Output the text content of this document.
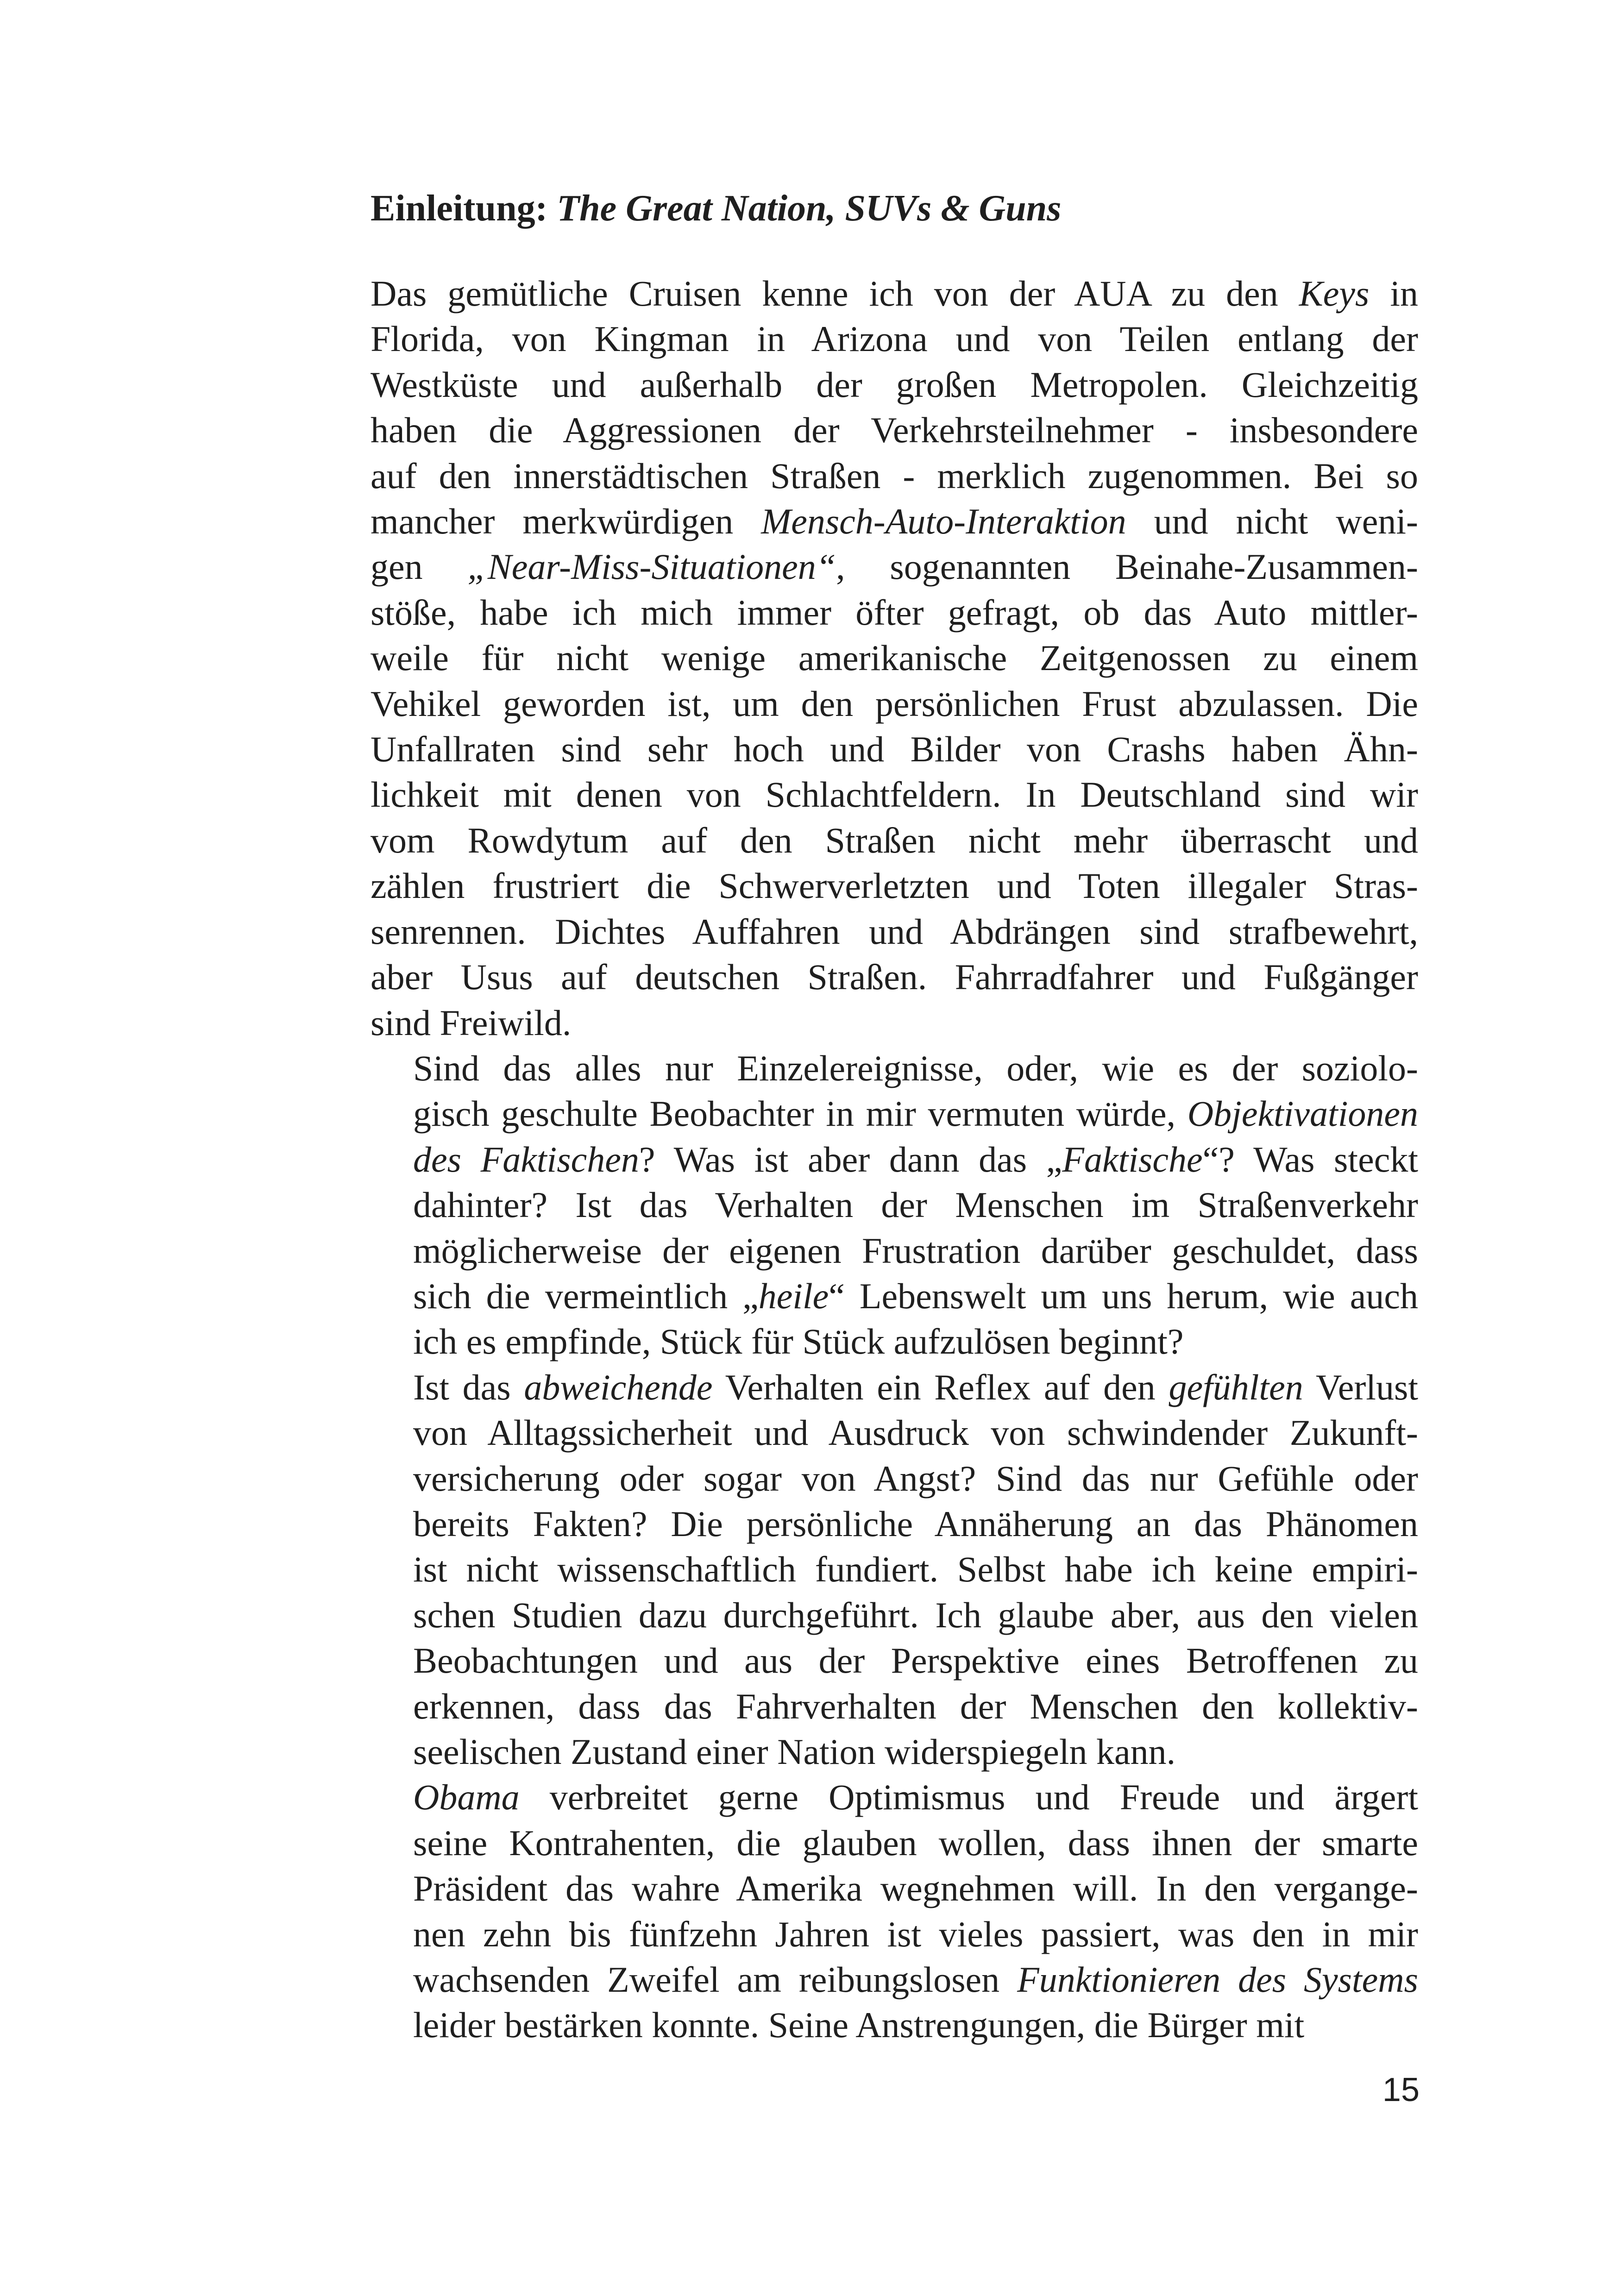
Einleitung: The Great Nation, SUVs & Guns

Das gemütliche Cruisen kenne ich von der AUA zu den Keys in
Florida, von Kingman in Arizona und von Teilen entlang der
Westküste und außerhalb der großen Metropolen. Gleichzeitig
haben die Aggressionen der Verkehrsteilnehmer - insbesondere
auf den innerstädtischen Straßen - merklich zugenommen. Bei so
mancher merkwürdigen Mensch-Auto-Interaktion und nicht weni-
gen „Near-Miss-Situationen“, sogenannten Beinahe-Zusammen-
stöße, habe ich mich immer öfter gefragt, ob das Auto mittler-
weile für nicht wenige amerikanische Zeitgenossen zu einem
Vehikel geworden ist, um den persönlichen Frust abzulassen. Die
Unfallraten sind sehr hoch und Bilder von Crashs haben Ähn-
lichkeit mit denen von Schlachtfeldern. In Deutschland sind wir
vom Rowdytum auf den Straßen nicht mehr überrascht und
zählen frustriert die Schwerverletzten und Toten illegaler Stras-
senrennen. Dichtes Auffahren und Abdrängen sind strafbewehrt,
aber Usus auf deutschen Straßen. Fahrradfahrer und Fußgänger
sind Freiwild.

Sind das alles nur Einzelereignisse, oder, wie es der soziolo-
gisch geschulte Beobachter in mir vermuten würde, Objektivationen
des Faktischen? Was ist aber dann das „Faktische“? Was steckt
dahinter? Ist das Verhalten der Menschen im Straßenverkehr
möglicherweise der eigenen Frustration darüber geschuldet, dass
sich die vermeintlich „heile“ Lebenswelt um uns herum, wie auch
ich es empfinde, Stück für Stück aufzulösen beginnt?

Ist das abweichende Verhalten ein Reflex auf den gefühlten Verlust
von Alltagssicherheit und Ausdruck von schwindender Zukunft-
versicherung oder sogar von Angst? Sind das nur Gefühle oder
bereits Fakten? Die persönliche Annäherung an das Phänomen
ist nicht wissenschaftlich fundiert. Selbst habe ich keine empiri-
schen Studien dazu durchgeführt. Ich glaube aber, aus den vielen
Beobachtungen und aus der Perspektive eines Betroffenen zu
erkennen, dass das Fahrverhalten der Menschen den kollektiv-
seelischen Zustand einer Nation widerspiegeln kann.

Obama verbreitet gerne Optimismus und Freude und ärgert
seine Kontrahenten, die glauben wollen, dass ihnen der smarte
Präsident das wahre Amerika wegnehmen will. In den vergange-
nen zehn bis fünfzehn Jahren ist vieles passiert, was den in mir
wachsenden Zweifel am reibungslosen Funktionieren des Systems
leider bestärken konnte. Seine Anstrengungen, die Bürger mit

15
